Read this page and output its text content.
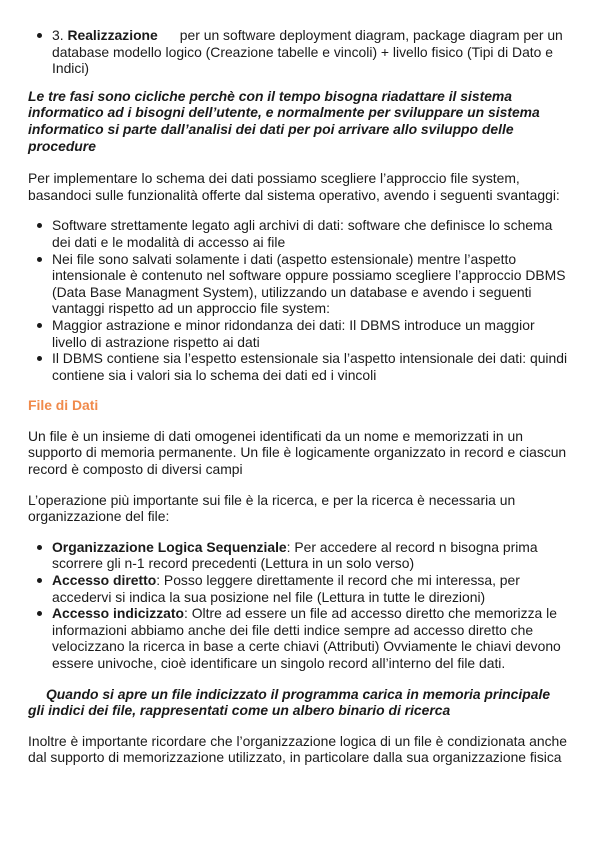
3. Realizzazione per un software deployment diagram, package diagram per un database modello logico (Creazione tabelle e vincoli) + livello fisico (Tipi di Dato e Indici)

Le tre fasi sono cicliche perchè con il tempo bisogna riadattare il sistema informatico ad i bisogni dell’utente, e normalmente per sviluppare un sistema informatico si parte dall’analisi dei dati per poi arrivare allo sviluppo delle procedure

Per implementare lo schema dei dati possiamo scegliere l’approccio file system, basandoci sulle funzionalità offerte dal sistema operativo, avendo i seguenti svantaggi:

Software strettamente legato agli archivi di dati: software che definisce lo schema dei dati e le modalità di accesso ai file
Nei file sono salvati solamente i dati (aspetto estensionale) mentre l’aspetto intensionale è contenuto nel software oppure possiamo scegliere l’approccio DBMS (Data Base Managment System), utilizzando un database e avendo i seguenti vantaggi rispetto ad un approccio file system:
Maggior astrazione e minor ridondanza dei dati: Il DBMS introduce un maggior livello di astrazione rispetto ai dati
Il DBMS contiene sia l’espetto estensionale sia l’aspetto intensionale dei dati: quindi contiene sia i valori sia lo schema dei dati ed i vincoli

File di Dati

Un file è un insieme di dati omogenei identificati da un nome e memorizzati in un supporto di memoria permanente. Un file è logicamente organizzato in record e ciascun record è composto di diversi campi

L’operazione più importante sui file è la ricerca, e per la ricerca è necessaria un organizzazione del file:

Organizzazione Logica Sequenziale: Per accedere al record n bisogna prima scorrere gli n-1 record precedenti (Lettura in un solo verso)
Accesso diretto: Posso leggere direttamente il record che mi interessa, per accedervi si indica la sua posizione nel file (Lettura in tutte le direzioni)
Accesso indicizzato: Oltre ad essere un file ad accesso diretto che memorizza le informazioni abbiamo anche dei file detti indice sempre ad accesso diretto che velocizzano la ricerca in base a certe chiavi (Attributi) Ovviamente le chiavi devono essere univoche, cioè identificare un singolo record all’interno del file dati.

Quando si apre un file indicizzato il programma carica in memoria principale gli indici dei file, rappresentati come un albero binario di ricerca

Inoltre è importante ricordare che l’organizzazione logica di un file è condizionata anche dal supporto di memorizzazione utilizzato, in particolare dalla sua organizzazione fisica
